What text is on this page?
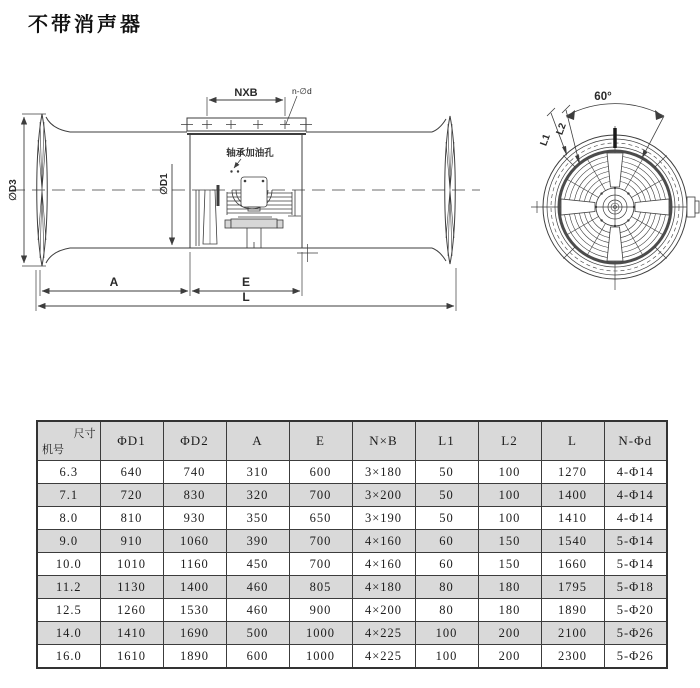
不带消声器
NXB	n-∅d
轴承加油孔
∅D1
∅D3
A	E
L
60°
L1
L2
尺寸
机号	ΦD1	ΦD2	A	E	N×B	L1	L2	L	N-Φd
6.3	640	740	310	600	3×180	50	100	1270	4-Φ14
7.1	720	830	320	700	3×200	50	100	1400	4-Φ14
8.0	810	930	350	650	3×190	50	100	1410	4-Φ14
9.0	910	1060	390	700	4×160	60	150	1540	5-Φ14
10.0	1010	1160	450	700	4×160	60	150	1660	5-Φ14
11.2	1130	1400	460	805	4×180	80	180	1795	5-Φ18
12.5	1260	1530	460	900	4×200	80	180	1890	5-Φ20
14.0	1410	1690	500	1000	4×225	100	200	2100	5-Φ26
16.0	1610	1890	600	1000	4×225	100	200	2300	5-Φ26
